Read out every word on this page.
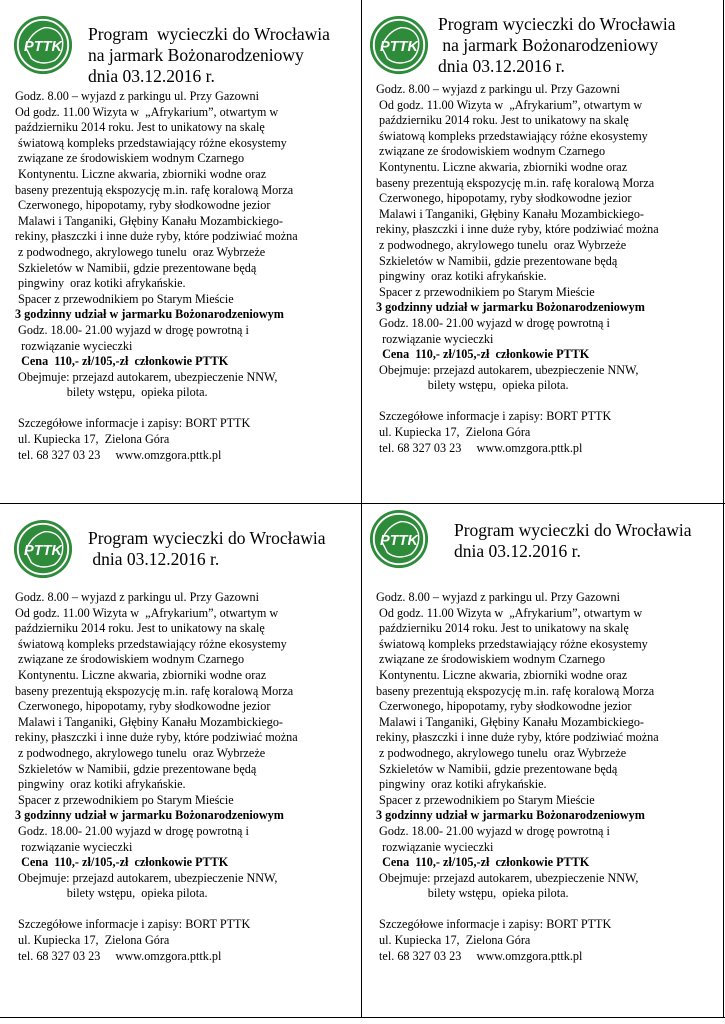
PTTK
Program  wycieczki do Wrocławia
na jarmark Bożonarodzeniowy
dnia 03.12.2016 r.
Godz. 8.00 – wyjazd z parkingu ul. Przy Gazowni
Od godz. 11.00 Wizyta w  „Afrykarium”, otwartym w
październiku 2014 roku. Jest to unikatowy na skalę
światową kompleks przedstawiający różne ekosystemy
związane ze środowiskiem wodnym Czarnego
Kontynentu. Liczne akwaria, zbiorniki wodne oraz
baseny prezentują ekspozycję m.in. rafę koralową Morza
Czerwonego, hipopotamy, ryby słodkowodne jezior
Malawi i Tanganiki, Głębiny Kanału Mozambickiego-
rekiny, płaszczki i inne duże ryby, które podziwiać można
z podwodnego, akrylowego tunelu  oraz Wybrzeże
Szkieletów w Namibii, gdzie prezentowane będą
pingwiny  oraz kotiki afrykańskie.
Spacer z przewodnikiem po Starym Mieście
3 godzinny udział w jarmarku Bożonarodzeniowym
Godz. 18.00- 21.00 wyjazd w drogę powrotną i
rozwiązanie wycieczki
Cena  110,- zł/105,-zł  członkowie PTTK
Obejmuje: przejazd autokarem, ubezpieczenie NNW,
bilety wstępu,  opieka pilota.
Szczegółowe informacje i zapisy: BORT PTTK
ul. Kupiecka 17,  Zielona Góra
tel. 68 327 03 23     www.omzgora.pttk.pl
PTTK
Program wycieczki do Wrocławia
na jarmark Bożonarodzeniowy
dnia 03.12.2016 r.
Godz. 8.00 – wyjazd z parkingu ul. Przy Gazowni
Od godz. 11.00 Wizyta w  „Afrykarium”, otwartym w
październiku 2014 roku. Jest to unikatowy na skalę
światową kompleks przedstawiający różne ekosystemy
związane ze środowiskiem wodnym Czarnego
Kontynentu. Liczne akwaria, zbiorniki wodne oraz
baseny prezentują ekspozycję m.in. rafę koralową Morza
Czerwonego, hipopotamy, ryby słodkowodne jezior
Malawi i Tanganiki, Głębiny Kanału Mozambickiego-
rekiny, płaszczki i inne duże ryby, które podziwiać można
z podwodnego, akrylowego tunelu  oraz Wybrzeże
Szkieletów w Namibii, gdzie prezentowane będą
pingwiny  oraz kotiki afrykańskie.
Spacer z przewodnikiem po Starym Mieście
3 godzinny udział w jarmarku Bożonarodzeniowym
Godz. 18.00- 21.00 wyjazd w drogę powrotną i
rozwiązanie wycieczki
Cena  110,- zł/105,-zł  członkowie PTTK
Obejmuje: przejazd autokarem, ubezpieczenie NNW,
bilety wstępu,  opieka pilota.
Szczegółowe informacje i zapisy: BORT PTTK
ul. Kupiecka 17,  Zielona Góra
tel. 68 327 03 23     www.omzgora.pttk.pl
PTTK
Program wycieczki do Wrocławia
dnia 03.12.2016 r.
Godz. 8.00 – wyjazd z parkingu ul. Przy Gazowni
Od godz. 11.00 Wizyta w  „Afrykarium”, otwartym w
październiku 2014 roku. Jest to unikatowy na skalę
światową kompleks przedstawiający różne ekosystemy
związane ze środowiskiem wodnym Czarnego
Kontynentu. Liczne akwaria, zbiorniki wodne oraz
baseny prezentują ekspozycję m.in. rafę koralową Morza
Czerwonego, hipopotamy, ryby słodkowodne jezior
Malawi i Tanganiki, Głębiny Kanału Mozambickiego-
rekiny, płaszczki i inne duże ryby, które podziwiać można
z podwodnego, akrylowego tunelu  oraz Wybrzeże
Szkieletów w Namibii, gdzie prezentowane będą
pingwiny  oraz kotiki afrykańskie.
Spacer z przewodnikiem po Starym Mieście
3 godzinny udział w jarmarku Bożonarodzeniowym
Godz. 18.00- 21.00 wyjazd w drogę powrotną i
rozwiązanie wycieczki
Cena  110,- zł/105,-zł  członkowie PTTK
Obejmuje: przejazd autokarem, ubezpieczenie NNW,
bilety wstępu,  opieka pilota.
Szczegółowe informacje i zapisy: BORT PTTK
ul. Kupiecka 17,  Zielona Góra
tel. 68 327 03 23     www.omzgora.pttk.pl
PTTK
Program wycieczki do Wrocławia
dnia 03.12.2016 r.
Godz. 8.00 – wyjazd z parkingu ul. Przy Gazowni
Od godz. 11.00 Wizyta w  „Afrykarium”, otwartym w
październiku 2014 roku. Jest to unikatowy na skalę
światową kompleks przedstawiający różne ekosystemy
związane ze środowiskiem wodnym Czarnego
Kontynentu. Liczne akwaria, zbiorniki wodne oraz
baseny prezentują ekspozycję m.in. rafę koralową Morza
Czerwonego, hipopotamy, ryby słodkowodne jezior
Malawi i Tanganiki, Głębiny Kanału Mozambickiego-
rekiny, płaszczki i inne duże ryby, które podziwiać można
z podwodnego, akrylowego tunelu  oraz Wybrzeże
Szkieletów w Namibii, gdzie prezentowane będą
pingwiny  oraz kotiki afrykańskie.
Spacer z przewodnikiem po Starym Mieście
3 godzinny udział w jarmarku Bożonarodzeniowym
Godz. 18.00- 21.00 wyjazd w drogę powrotną i
rozwiązanie wycieczki
Cena  110,- zł/105,-zł  członkowie PTTK
Obejmuje: przejazd autokarem, ubezpieczenie NNW,
bilety wstępu,  opieka pilota.
Szczegółowe informacje i zapisy: BORT PTTK
ul. Kupiecka 17,  Zielona Góra
tel. 68 327 03 23     www.omzgora.pttk.pl
